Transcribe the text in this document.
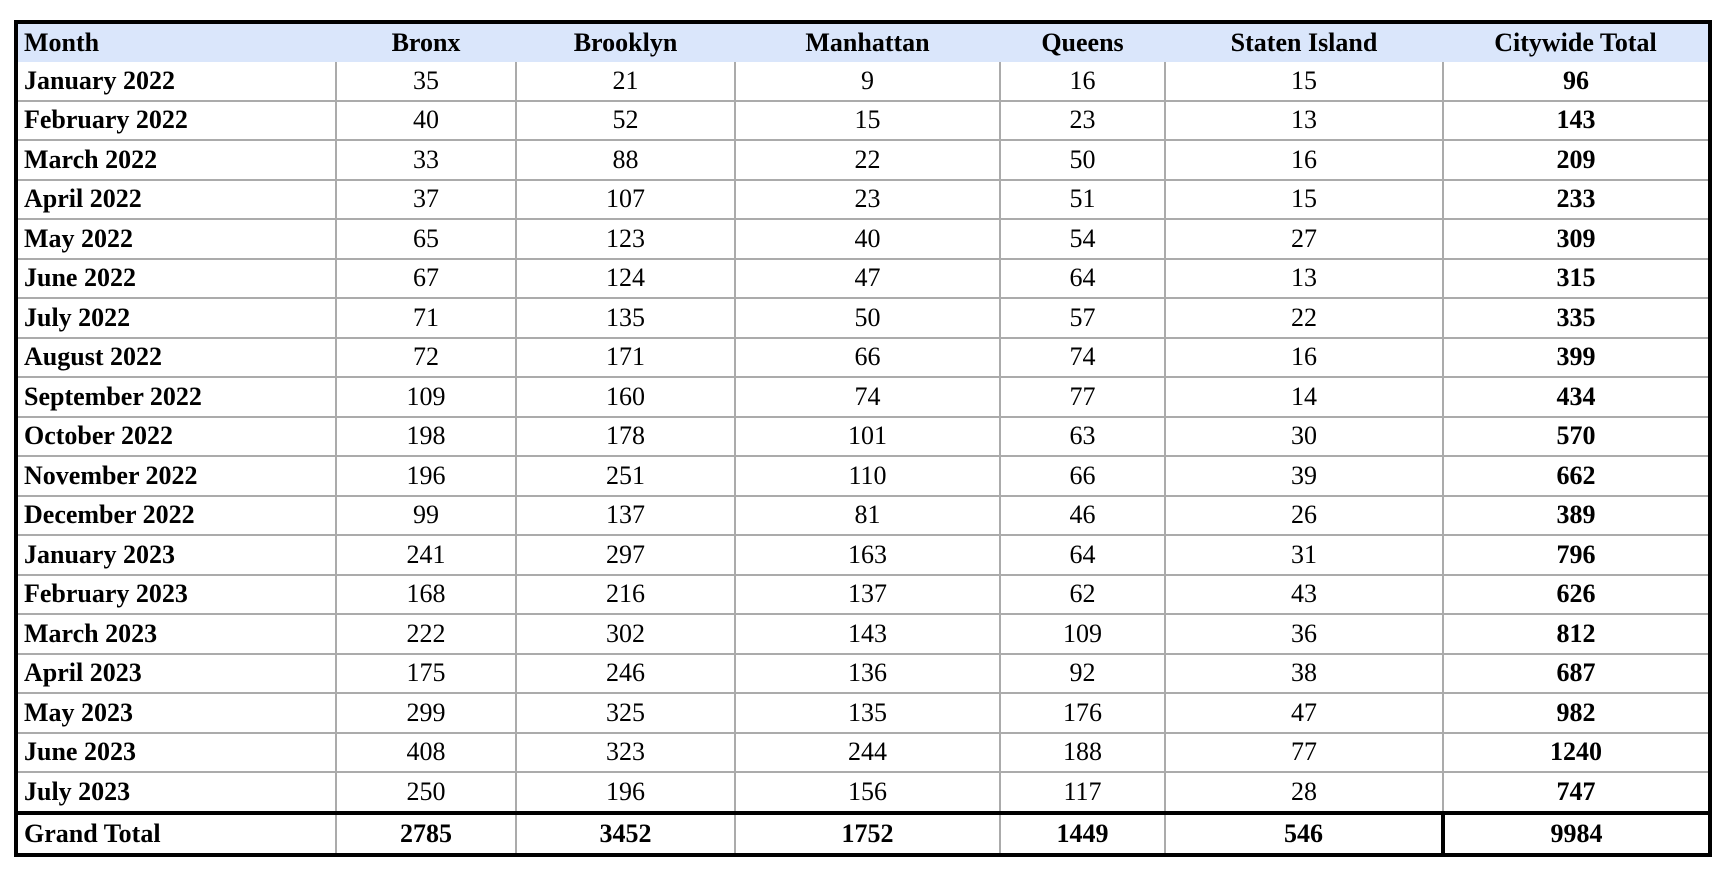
Month	Bronx	Brooklyn	Manhattan	Queens	Staten Island	Citywide Total
January 2022	35	21	9	16	15	96
February 2022	40	52	15	23	13	143
March 2022	33	88	22	50	16	209
April 2022	37	107	23	51	15	233
May 2022	65	123	40	54	27	309
June 2022	67	124	47	64	13	315
July 2022	71	135	50	57	22	335
August 2022	72	171	66	74	16	399
September 2022	109	160	74	77	14	434
October 2022	198	178	101	63	30	570
November 2022	196	251	110	66	39	662
December 2022	99	137	81	46	26	389
January 2023	241	297	163	64	31	796
February 2023	168	216	137	62	43	626
March 2023	222	302	143	109	36	812
April 2023	175	246	136	92	38	687
May 2023	299	325	135	176	47	982
June 2023	408	323	244	188	77	1240
July 2023	250	196	156	117	28	747
Grand Total	2785	3452	1752	1449	546	9984
